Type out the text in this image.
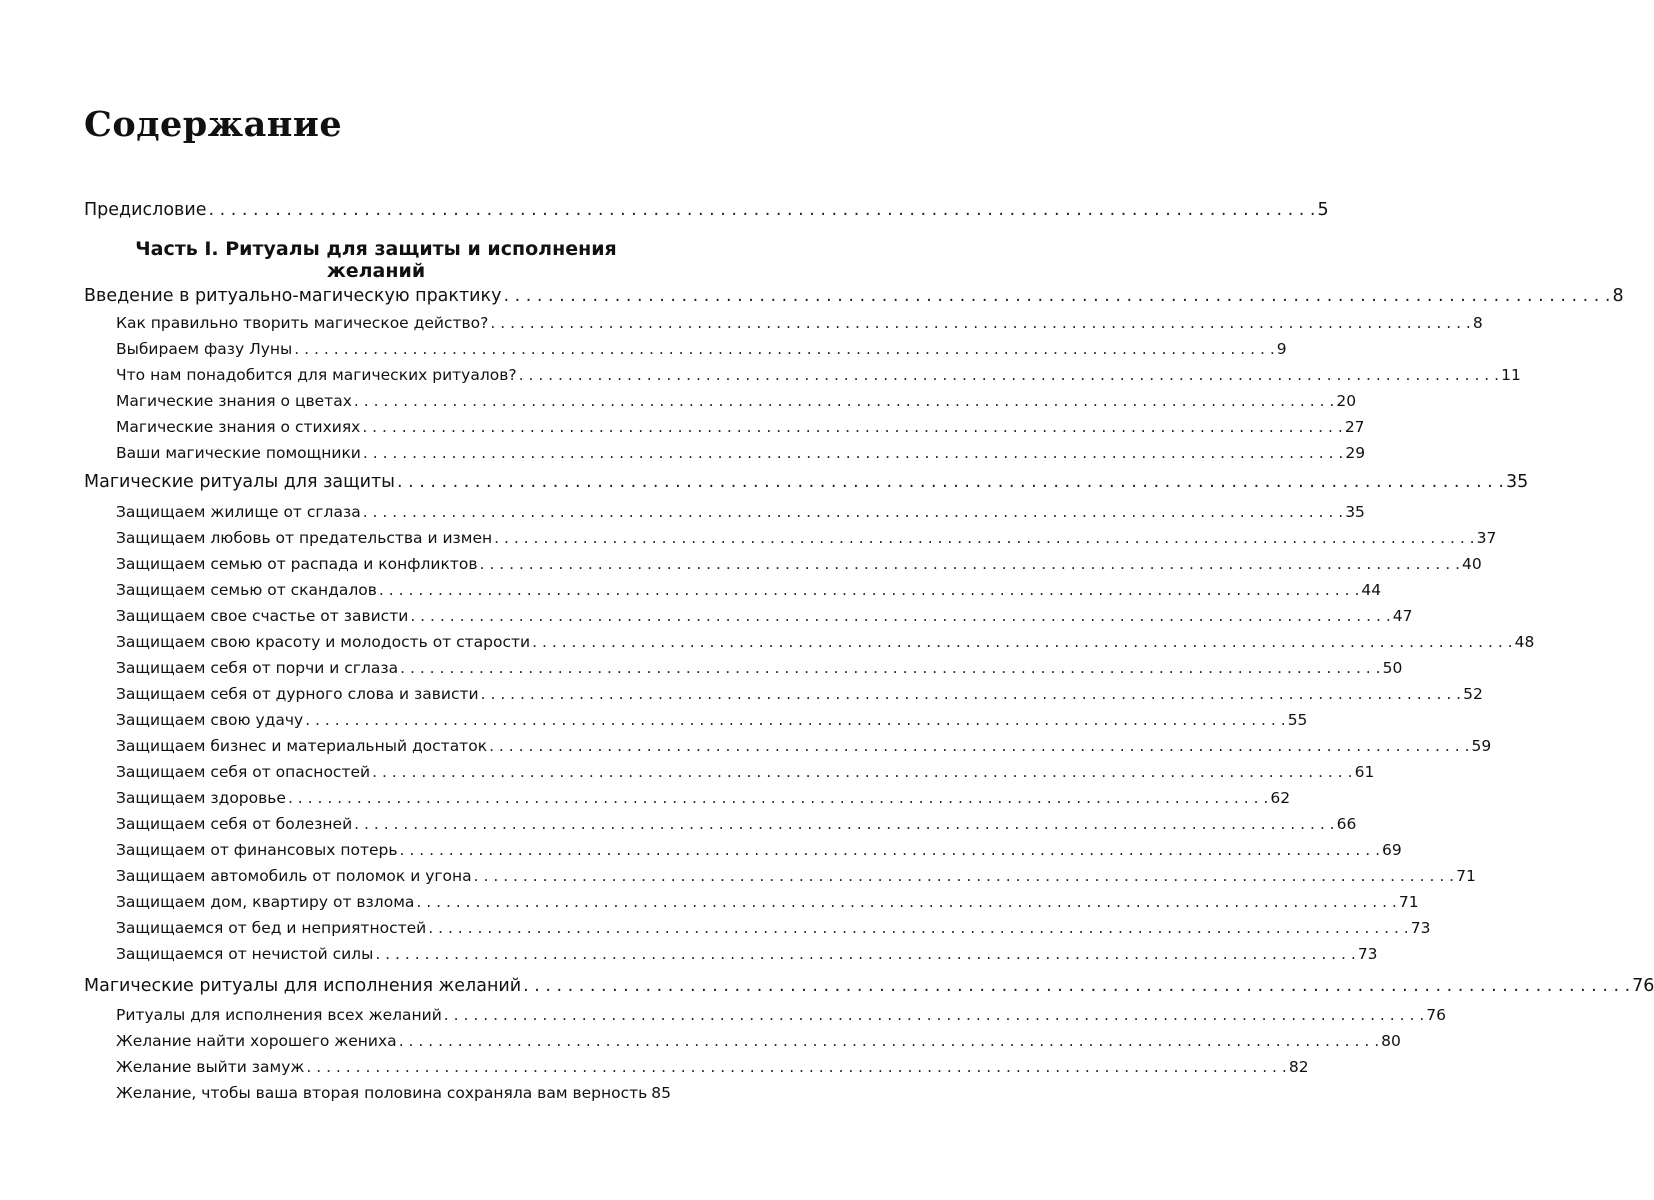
Содержание
Часть I. Ритуалы для защиты и исполнения желаний
Предисловие . . .	5
Введение в ритуально-магическую практику . . .	8
Как правильно творить магическое действо? . . .	8
Выбираем фазу Луны . . .	9
Что нам понадобится для магических ритуалов? . . .	11
Магические знания о цветах . . .	20
Магические знания о стихиях . . .	27
Ваши магические помощники . . .	29
Магические ритуалы для защиты . . .	35
Защищаем жилище от сглаза . . .	35
Защищаем любовь от предательства и измен . . .	37
Защищаем семью от распада и конфликтов . . .	40
Защищаем семью от скандалов . . .	44
Защищаем свое счастье от зависти . . .	47
Защищаем свою красоту и молодость от старости . . .	48
Защищаем себя от порчи и сглаза . . .	50
Защищаем себя от дурного слова и зависти . . .	52
Защищаем свою удачу . . .	55
Защищаем бизнес и материальный достаток . . .	59
Защищаем себя от опасностей . . .	61
Защищаем здоровье . . .	62
Защищаем себя от болезней . . .	66
Защищаем от финансовых потерь . . .	69
Защищаем автомобиль от поломок и угона . . .	71
Защищаем дом, квартиру от взлома . . .	71
Защищаемся от бед и неприятностей . . .	73
Защищаемся от нечистой силы . . .	73
Магические ритуалы для исполнения желаний . . .	76
Ритуалы для исполнения всех желаний . . .	76
Желание найти хорошего жениха . . .	80
Желание выйти замуж . . .	82
Желание, чтобы ваша вторая половина сохраняла вам верность 85
